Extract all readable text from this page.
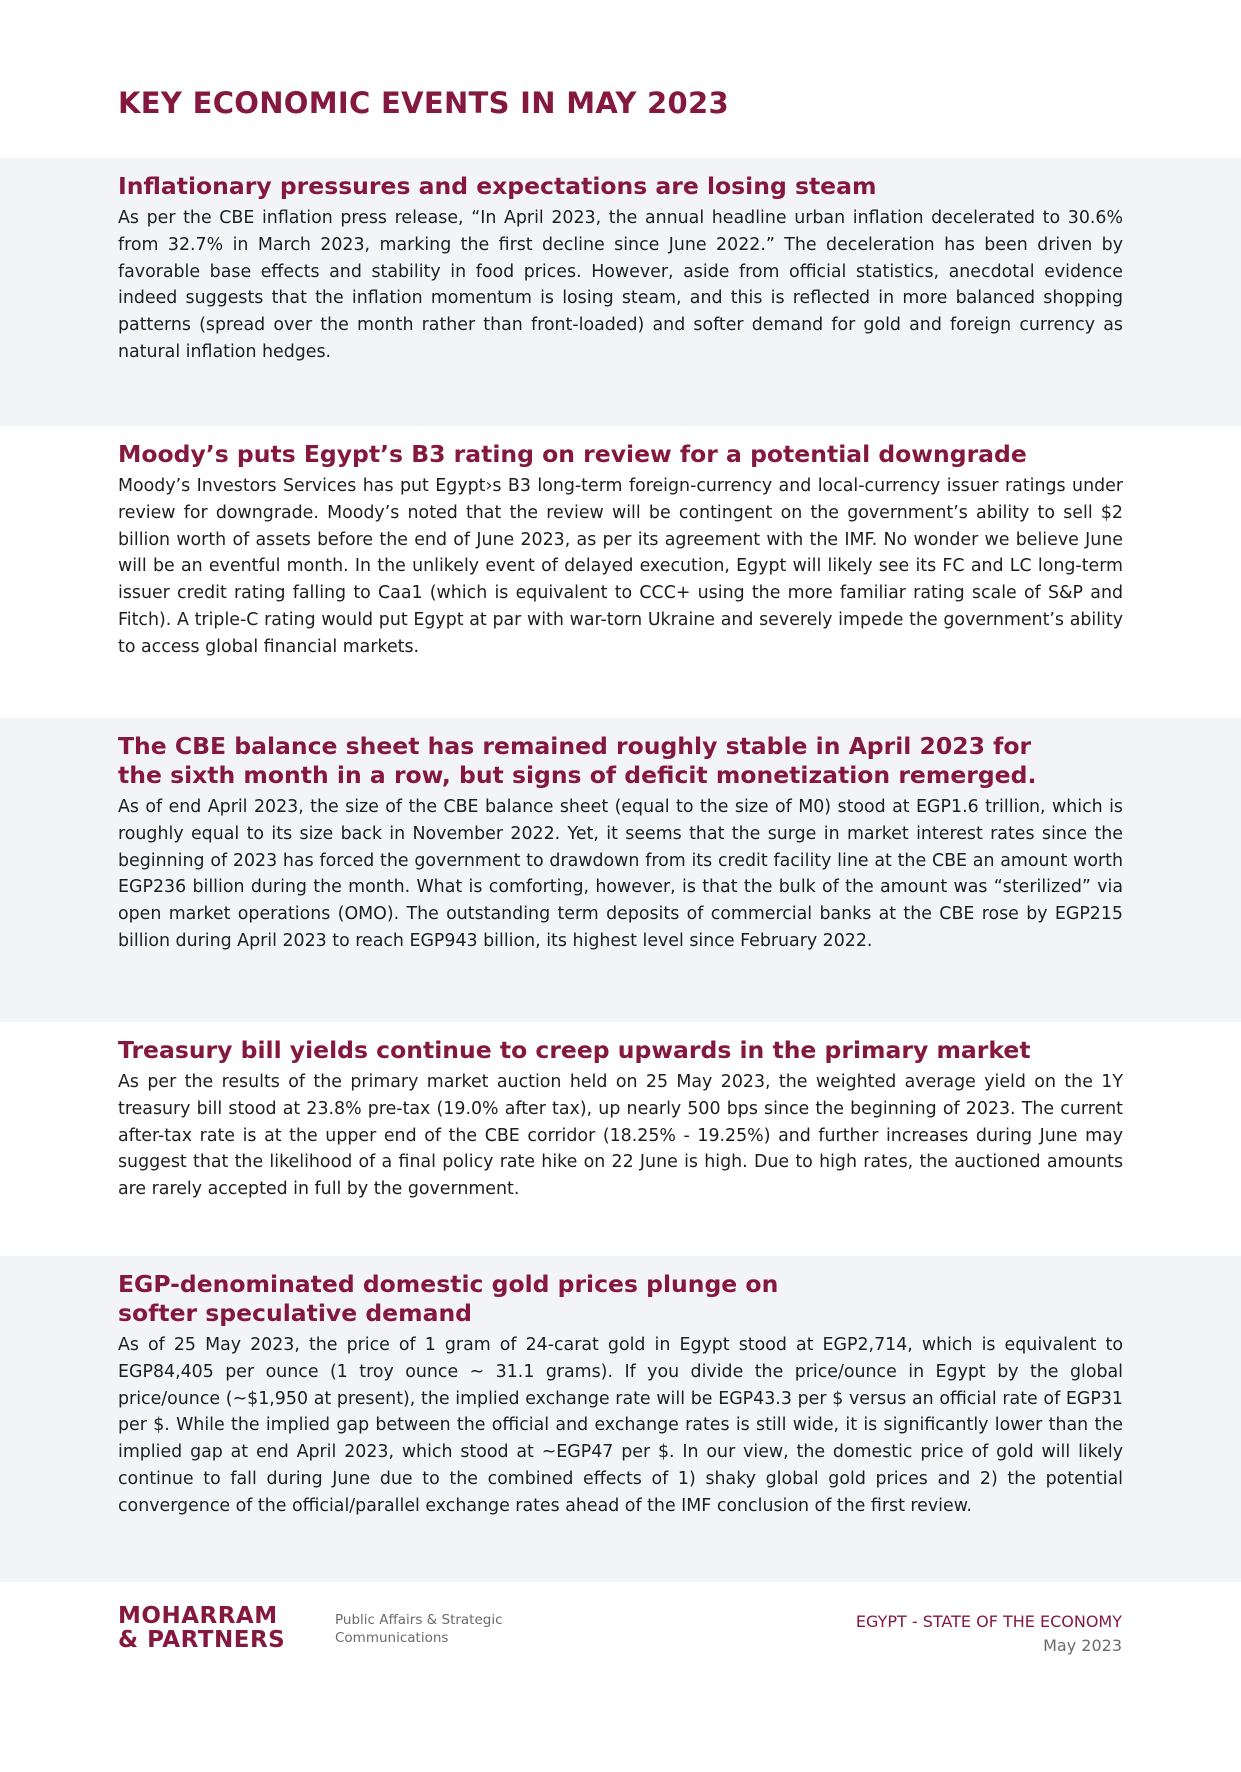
KEY ECONOMIC EVENTS IN MAY 2023
Inflationary pressures and expectations are losing steam

As per the CBE inflation press release, “In April 2023, the annual headline urban inflation decelerated to 30.6% from 32.7% in March 2023, marking the first decline since June 2022.” The deceleration has been driven by favorable base effects and stability in food prices. However, aside from official statistics, anecdotal evidence indeed suggests that the inflation momentum is losing steam, and this is reflected in more balanced shopping patterns (spread over the month rather than front-loaded) and softer demand for gold and foreign currency as natural inflation hedges.

Moody’s puts Egypt’s B3 rating on review for a potential downgrade

Moody’s Investors Services has put Egypt›s B3 long-term foreign-currency and local-currency issuer ratings under review for downgrade. Moody’s noted that the review will be contingent on the government’s ability to sell $2 billion worth of assets before the end of June 2023, as per its agreement with the IMF. No wonder we believe June will be an eventful month. In the unlikely event of delayed execution, Egypt will likely see its FC and LC long-term issuer credit rating falling to Caa1 (which is equivalent to CCC+ using the more familiar rating scale of S&P and Fitch). A triple-C rating would put Egypt at par with war-torn Ukraine and severely impede the government’s ability to access global financial markets.

The CBE balance sheet has remained roughly stable in April 2023 for the sixth month in a row, but signs of deficit monetization remerged.

As of end April 2023, the size of the CBE balance sheet (equal to the size of M0) stood at EGP1.6 trillion, which is roughly equal to its size back in November 2022. Yet, it seems that the surge in market interest rates since the beginning of 2023 has forced the government to drawdown from its credit facility line at the CBE an amount worth EGP236 billion during the month. What is comforting, however, is that the bulk of the amount was “sterilized” via open market operations (OMO). The outstanding term deposits of commercial banks at the CBE rose by EGP215 billion during April 2023 to reach EGP943 billion, its highest level since February 2022.

Treasury bill yields continue to creep upwards in the primary market

As per the results of the primary market auction held on 25 May 2023, the weighted average yield on the 1Y treasury bill stood at 23.8% pre-tax (19.0% after tax), up nearly 500 bps since the beginning of 2023. The current after-tax rate is at the upper end of the CBE corridor (18.25% - 19.25%) and further increases during June may suggest that the likelihood of a final policy rate hike on 22 June is high. Due to high rates, the auctioned amounts are rarely accepted in full by the government.

EGP-denominated domestic gold prices plunge on softer speculative demand

As of 25 May 2023, the price of 1 gram of 24-carat gold in Egypt stood at EGP2,714, which is equivalent to EGP84,405 per ounce (1 troy ounce ~ 31.1 grams). If you divide the price/ounce in Egypt by the global price/ounce (~$1,950 at present), the implied exchange rate will be EGP43.3 per $ versus an official rate of EGP31 per $. While the implied gap between the official and exchange rates is still wide, it is significantly lower than the implied gap at end April 2023, which stood at ~EGP47 per $. In our view, the domestic price of gold will likely continue to fall during June due to the combined effects of 1) shaky global gold prices and 2) the potential convergence of the official/parallel exchange rates ahead of the IMF conclusion of the first review.

MOHARRAM
& PARTNERS
Public Affairs & Strategic
Communications
EGYPT - STATE OF THE ECONOMY
May 2023
